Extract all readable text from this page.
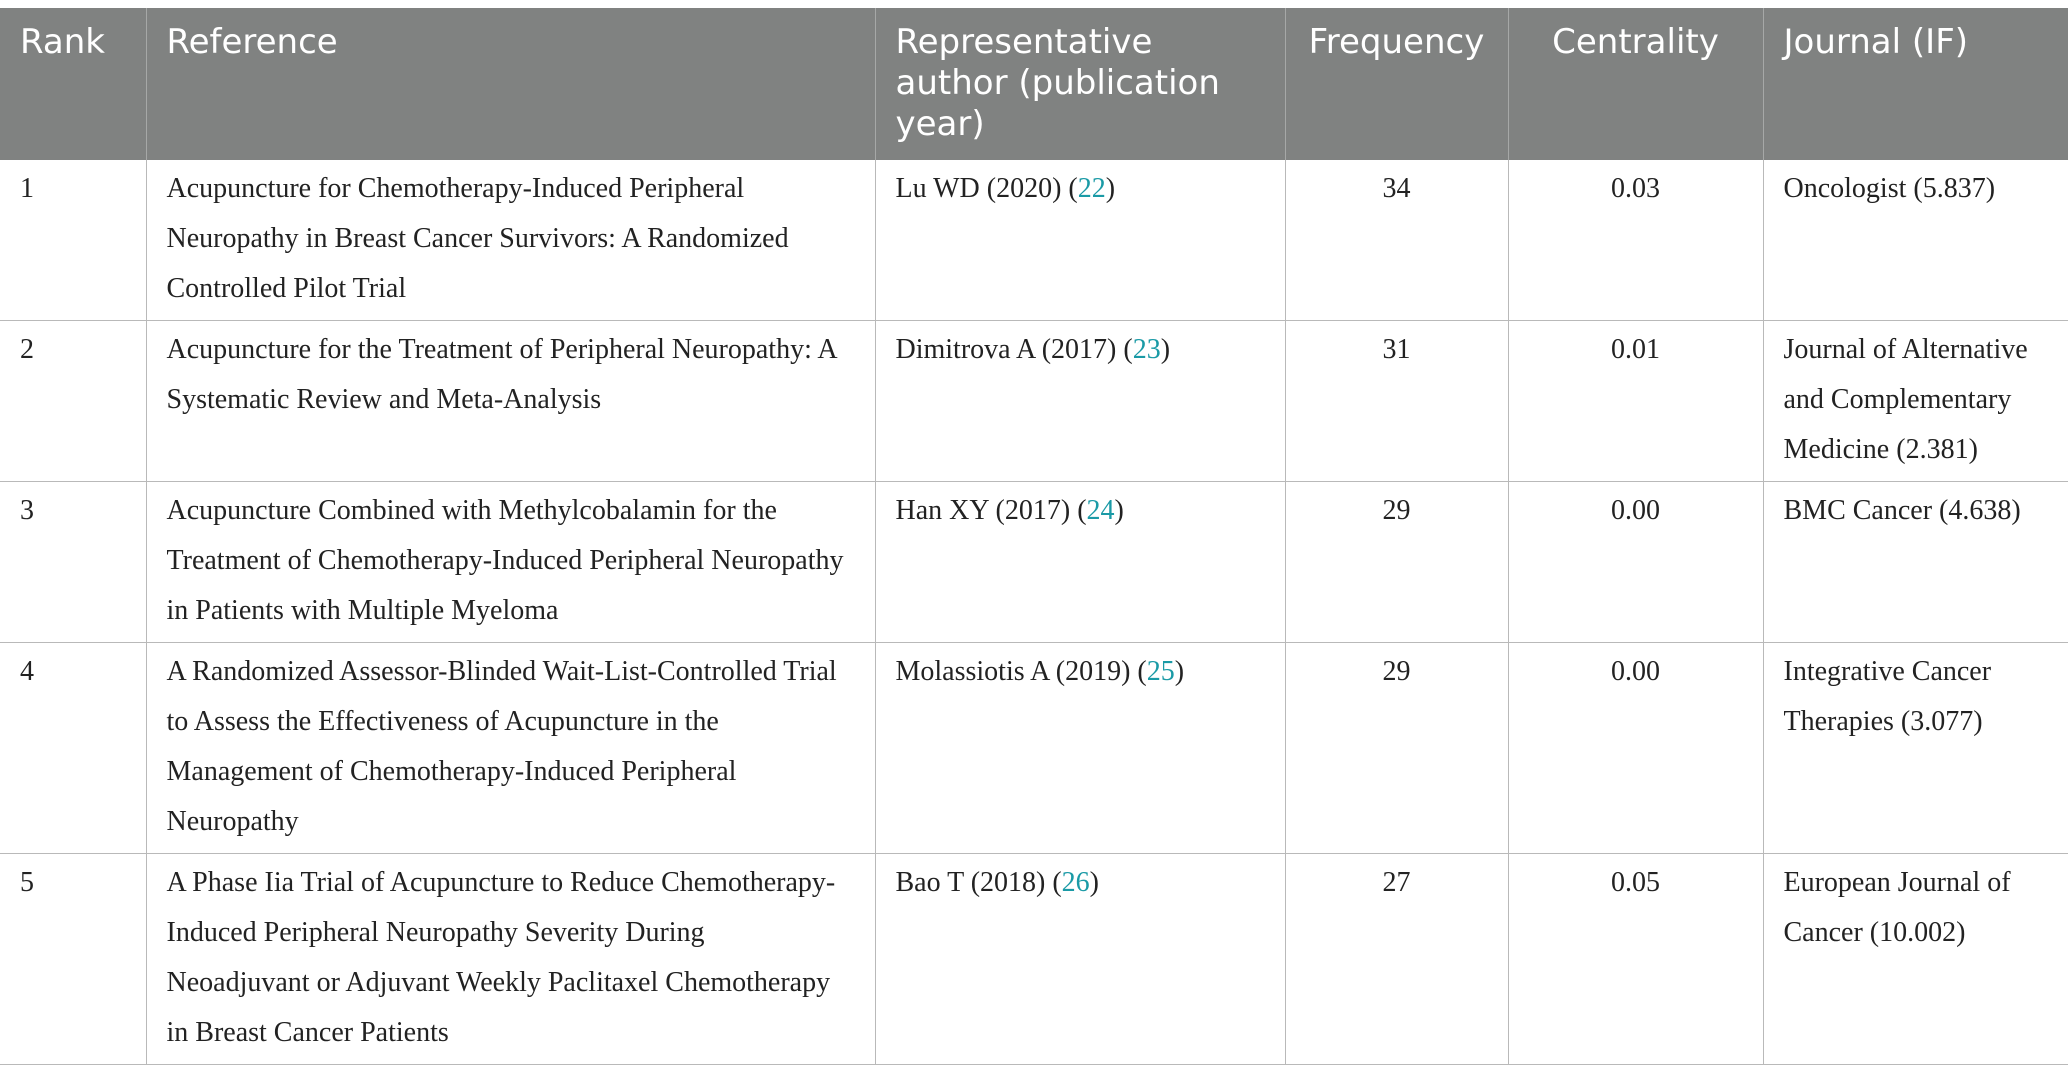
Rank	Reference	Representative author (publication year)	Frequency	Centrality	Journal (IF)
1	Acupuncture for Chemotherapy-Induced Peripheral Neuropathy in Breast Cancer Survivors: A Randomized Controlled Pilot Trial	Lu WD (2020) (22)	34	0.03	Oncologist (5.837)
2	Acupuncture for the Treatment of Peripheral Neuropathy: A Systematic Review and Meta-Analysis	Dimitrova A (2017) (23)	31	0.01	Journal of Alternative and Complementary Medicine (2.381)
3	Acupuncture Combined with Methylcobalamin for the Treatment of Chemotherapy-Induced Peripheral Neuropathy in Patients with Multiple Myeloma	Han XY (2017) (24)	29	0.00	BMC Cancer (4.638)
4	A Randomized Assessor-Blinded Wait-List-Controlled Trial to Assess the Effectiveness of Acupuncture in the Management of Chemotherapy-Induced Peripheral Neuropathy	Molassiotis A (2019) (25)	29	0.00	Integrative Cancer Therapies (3.077)
5	A Phase Iia Trial of Acupuncture to Reduce Chemotherapy-Induced Peripheral Neuropathy Severity During Neoadjuvant or Adjuvant Weekly Paclitaxel Chemotherapy in Breast Cancer Patients	Bao T (2018) (26)	27	0.05	European Journal of Cancer (10.002)
